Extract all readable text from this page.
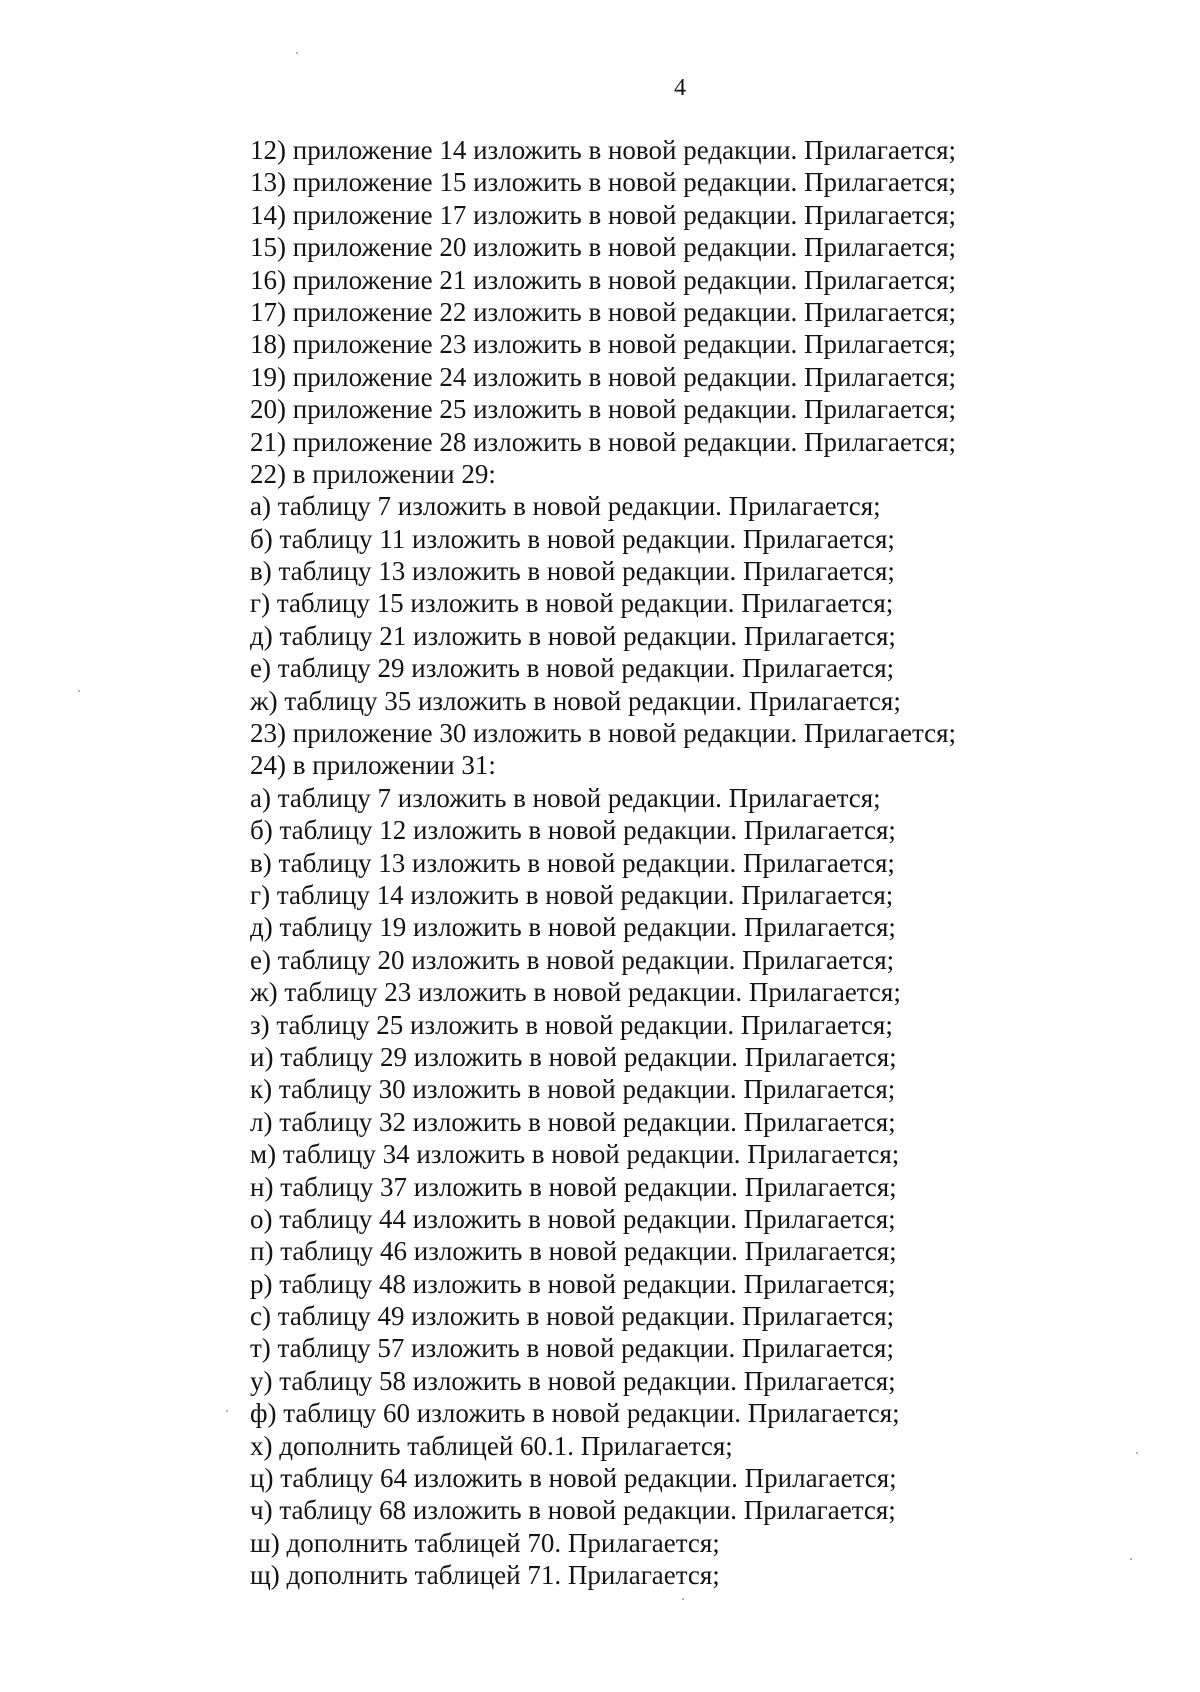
4
12) приложение 14 изложить в новой редакции. Прилагается;
13) приложение 15 изложить в новой редакции. Прилагается;
14) приложение 17 изложить в новой редакции. Прилагается;
15) приложение 20 изложить в новой редакции. Прилагается;
16) приложение 21 изложить в новой редакции. Прилагается;
17) приложение 22 изложить в новой редакции. Прилагается;
18) приложение 23 изложить в новой редакции. Прилагается;
19) приложение 24 изложить в новой редакции. Прилагается;
20) приложение 25 изложить в новой редакции. Прилагается;
21) приложение 28 изложить в новой редакции. Прилагается;
22) в приложении 29:
а) таблицу 7 изложить в новой редакции. Прилагается;
б) таблицу 11 изложить в новой редакции. Прилагается;
в) таблицу 13 изложить в новой редакции. Прилагается;
г) таблицу 15 изложить в новой редакции. Прилагается;
д) таблицу 21 изложить в новой редакции. Прилагается;
е) таблицу 29 изложить в новой редакции. Прилагается;
ж) таблицу 35 изложить в новой редакции. Прилагается;
23) приложение 30 изложить в новой редакции. Прилагается;
24) в приложении 31:
а) таблицу 7 изложить в новой редакции. Прилагается;
б) таблицу 12 изложить в новой редакции. Прилагается;
в) таблицу 13 изложить в новой редакции. Прилагается;
г) таблицу 14 изложить в новой редакции. Прилагается;
д) таблицу 19 изложить в новой редакции. Прилагается;
е) таблицу 20 изложить в новой редакции. Прилагается;
ж) таблицу 23 изложить в новой редакции. Прилагается;
з) таблицу 25 изложить в новой редакции. Прилагается;
и) таблицу 29 изложить в новой редакции. Прилагается;
к) таблицу 30 изложить в новой редакции. Прилагается;
л) таблицу 32 изложить в новой редакции. Прилагается;
м) таблицу 34 изложить в новой редакции. Прилагается;
н) таблицу 37 изложить в новой редакции. Прилагается;
о) таблицу 44 изложить в новой редакции. Прилагается;
п) таблицу 46 изложить в новой редакции. Прилагается;
р) таблицу 48 изложить в новой редакции. Прилагается;
с) таблицу 49 изложить в новой редакции. Прилагается;
т) таблицу 57 изложить в новой редакции. Прилагается;
у) таблицу 58 изложить в новой редакции. Прилагается;
ф) таблицу 60 изложить в новой редакции. Прилагается;
х) дополнить таблицей 60.1. Прилагается;
ц) таблицу 64 изложить в новой редакции. Прилагается;
ч) таблицу 68 изложить в новой редакции. Прилагается;
ш) дополнить таблицей 70. Прилагается;
щ) дополнить таблицей 71. Прилагается;
